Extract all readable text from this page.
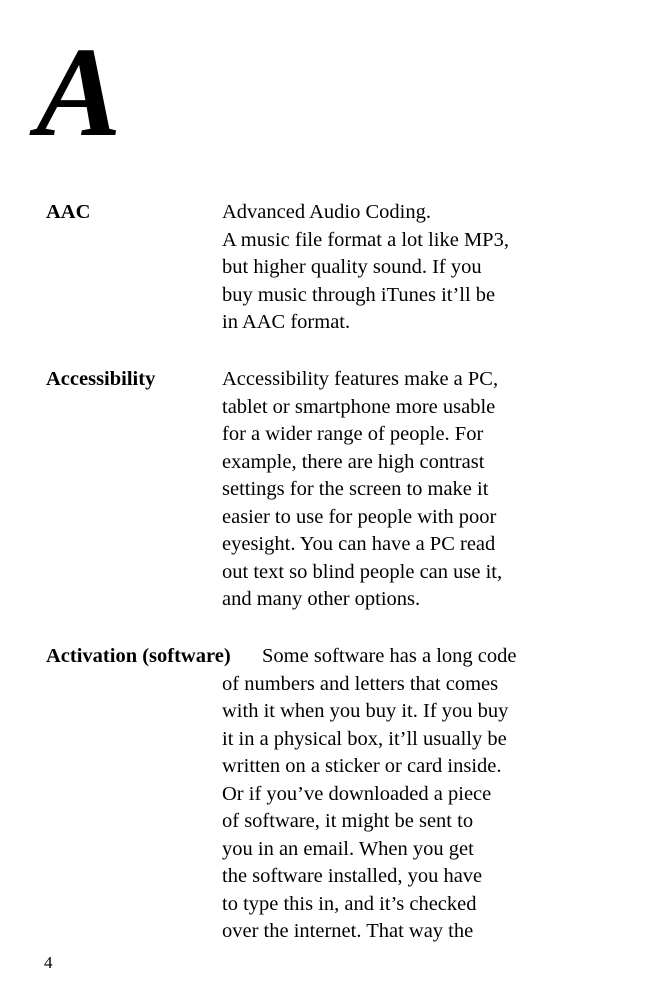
A
AAC	Advanced Audio Coding.
A music file format a lot like MP3,
but higher quality sound. If you
buy music through iTunes it’ll be
in AAC format.
Accessibility	Accessibility features make a PC,
tablet or smartphone more usable
for a wider range of people. For
example, there are high contrast
settings for the screen to make it
easier to use for people with poor
eyesight. You can have a PC read
out text so blind people can use it,
and many other options.
Activation (software) Some software has a long code
of numbers and letters that comes
with it when you buy it. If you buy
it in a physical box, it’ll usually be
written on a sticker or card inside.
Or if you’ve downloaded a piece
of software, it might be sent to
you in an email. When you get
the software installed, you have
to type this in, and it’s checked
over the internet. That way the
4
